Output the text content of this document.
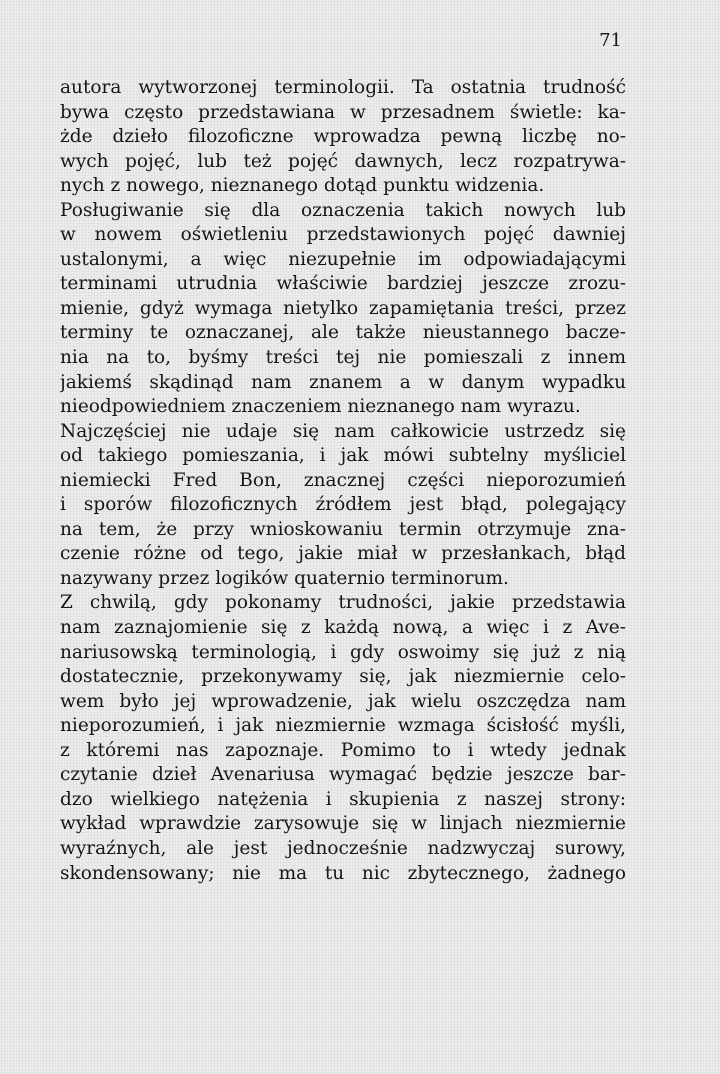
71
autora wytworzonej terminologii. Ta ostatnia trudność
bywa często przedstawiana w przesadnem świetle: ka-
żde dzieło filozoficzne wprowadza pewną liczbę no-
wych pojęć, lub też pojęć dawnych, lecz rozpatrywa-
nych z nowego, nieznanego dotąd punktu widzenia.
Posługiwanie się dla oznaczenia takich nowych lub
w nowem oświetleniu przedstawionych pojęć dawniej
ustalonymi, a więc niezupełnie im odpowiadającymi
terminami utrudnia właściwie bardziej jeszcze zrozu-
mienie, gdyż wymaga nietylko zapamiętania treści, przez
terminy te oznaczanej, ale także nieustannego bacze-
nia na to, byśmy treści tej nie pomieszali z innem
jakiemś skądinąd nam znanem a w danym wypadku
nieodpowiedniem znaczeniem nieznanego nam wyrazu.
Najczęściej nie udaje się nam całkowicie ustrzedz się
od takiego pomieszania, i jak mówi subtelny myśliciel
niemiecki Fred Bon, znacznej części nieporozumień
i sporów filozoficznych źródłem jest błąd, polegający
na tem, że przy wnioskowaniu termin otrzymuje zna-
czenie różne od tego, jakie miał w przesłankach, błąd
nazywany przez logików quaternio terminorum.
Z chwilą, gdy pokonamy trudności, jakie przedstawia
nam zaznajomienie się z każdą nową, a więc i z Ave-
nariusowską terminologią, i gdy oswoimy się już z nią
dostatecznie, przekonywamy się, jak niezmiernie celo-
wem było jej wprowadzenie, jak wielu oszczędza nam
nieporozumień, i jak niezmiernie wzmaga ścisłość myśli,
z któremi nas zapoznaje. Pomimo to i wtedy jednak
czytanie dzieł Avenariusa wymagać będzie jeszcze bar-
dzo wielkiego natężenia i skupienia z naszej strony:
wykład wprawdzie zarysowuje się w linjach niezmiernie
wyraźnych, ale jest jednocześnie nadzwyczaj surowy,
skondensowany; nie ma tu nic zbytecznego, żadnego
